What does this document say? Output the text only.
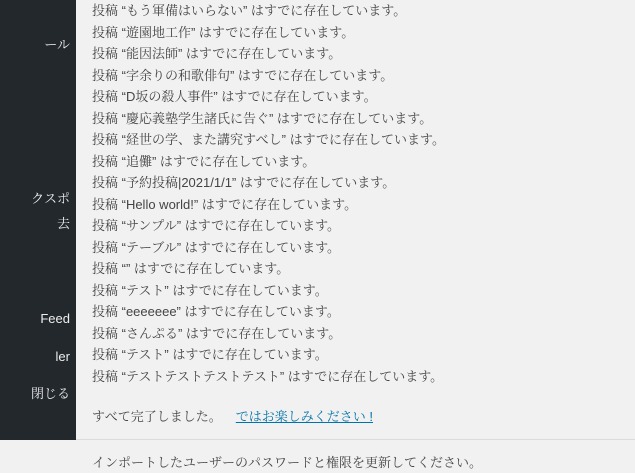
ール
クスポ
去
Feed
ler
閉じる
投稿 “もう軍備はいらない” はすでに存在しています。
投稿 “遊園地工作” はすでに存在しています。
投稿 “能因法師” はすでに存在しています。
投稿 “字余りの和歌俳句” はすでに存在しています。
投稿 “D坂の殺人事件” はすでに存在しています。
投稿 “慶応義塾学生諸氏に告ぐ” はすでに存在しています。
投稿 “経世の学、また講究すべし” はすでに存在しています。
投稿 “追儺” はすでに存在しています。
投稿 “予約投稿|2021/1/1” はすでに存在しています。
投稿 “Hello world!” はすでに存在しています。
投稿 “サンプル” はすでに存在しています。
投稿 “テーブル” はすでに存在しています。
投稿 “” はすでに存在しています。
投稿 “テスト” はすでに存在しています。
投稿 “eeeeeee” はすでに存在しています。
投稿 “さんぷる” はすでに存在しています。
投稿 “テスト” はすでに存在しています。
投稿 “テストテストテストテスト” はすでに存在しています。

すべて完了しました。 ではお楽しみください !

インポートしたユーザーのパスワードと権限を更新してください。
